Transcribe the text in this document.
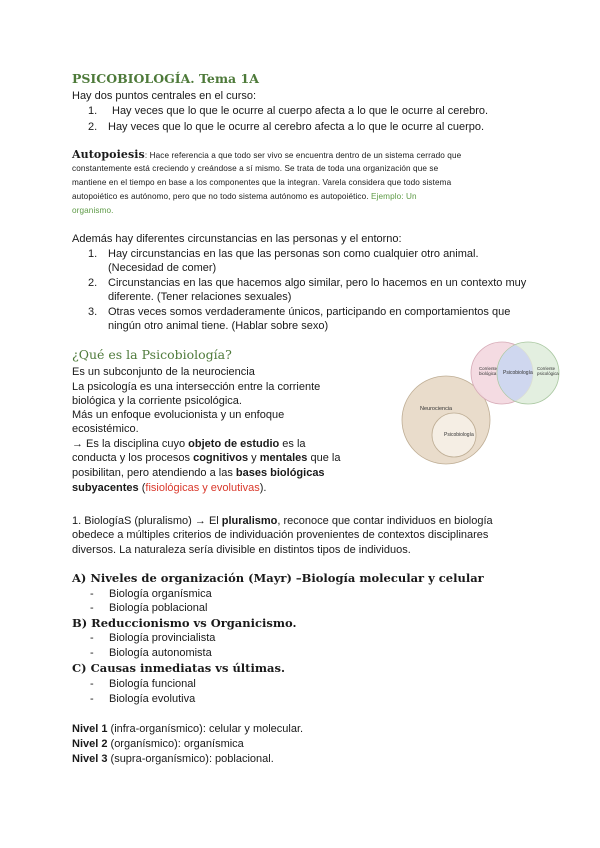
PSICOBIOLOGÍA. Tema 1A
Hay dos puntos centrales en el curso:
1.	Hay veces que lo que le ocurre al cuerpo afecta a lo que le ocurre al cerebro.
2. Hay veces que lo que le ocurre al cerebro afecta a lo que le ocurre al cuerpo.
Autopoiesis: Hace referencia a que todo ser vivo se encuentra dentro de un sistema cerrado que
constantemente está creciendo y creándose a sí mismo. Se trata de toda una organización que se
mantiene en el tiempo en base a los componentes que la integran. Varela considera que todo sistema
autopoiético es autónomo, pero que no todo sistema autónomo es autopoiético. Ejemplo: Un
organismo.
Además hay diferentes circunstancias en las personas y el entorno:
1. Hay circunstancias en las que las personas son como cualquier otro animal.
(Necesidad de comer)
2. Circunstancias en las que hacemos algo similar, pero lo hacemos en un contexto muy
diferente. (Tener relaciones sexuales)
3. Otras veces somos verdaderamente únicos, participando en comportamientos que
ningún otro animal tiene. (Hablar sobre sexo)
¿Qué es la Psicobiología?
Es un subconjunto de la neurociencia
La psicología es una intersección entre la corriente
biológica y la corriente psicológica.
Más un enfoque evolucionista y un enfoque
ecosistémico.
→ Es la disciplina cuyo objeto de estudio es la
conducta y los procesos cognitivos y mentales que la
posibilitan, pero atendiendo a las bases biológicas
subyacentes (fisiológicas y evolutivas).
Neurociencia
Psicobiología
Psicobiología
Corriente biológica
Corriente psicológica
1. BiologíaS (pluralismo) → El pluralismo, reconoce que contar individuos en biología
obedece a múltiples criterios de individuación provenientes de contextos disciplinares
diversos. La naturaleza sería divisible en distintos tipos de individuos.
A) Niveles de organización (Mayr) –Biología molecular y celular
- Biología organísmica
- Biología poblacional
B) Reduccionismo vs Organicismo.
- Biología provincialista
- Biología autonomista
C) Causas inmediatas vs últimas.
- Biología funcional
- Biología evolutiva
Nivel 1 (infra-organísmico): celular y molecular.
Nivel 2 (organísmico): organísmica
Nivel 3 (supra-organísmico): poblacional.
